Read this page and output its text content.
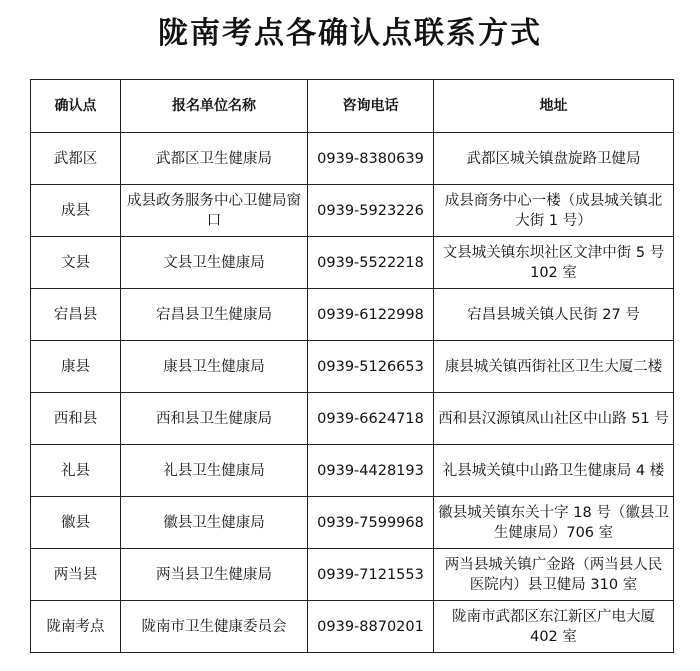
陇南考点各确认点联系方式
确认点	报名单位名称	咨询电话	地址
武都区	武都区卫生健康局	0939-8380639	武都区城关镇盘旋路卫健局
成县	成县政务服务中心卫健局窗口	0939-5923226	成县商务中心一楼（成县城关镇北大街 1 号）
文县	文县卫生健康局	0939-5522218	文县城关镇东坝社区文津中街 5 号 102 室
宕昌县	宕昌县卫生健康局	0939-6122998	宕昌县城关镇人民街 27 号
康县	康县卫生健康局	0939-5126653	康县城关镇西街社区卫生大厦二楼
西和县	西和县卫生健康局	0939-6624718	西和县汉源镇凤山社区中山路 51 号
礼县	礼县卫生健康局	0939-4428193	礼县城关镇中山路卫生健康局 4 楼
徽县	徽县卫生健康局	0939-7599968	徽县城关镇东关十字 18 号（徽县卫生健康局）706 室
两当县	两当县卫生健康局	0939-7121553	两当县城关镇广金路（两当县人民医院内）县卫健局 310 室
陇南考点	陇南市卫生健康委员会	0939-8870201	陇南市武都区东江新区广电大厦 402 室
